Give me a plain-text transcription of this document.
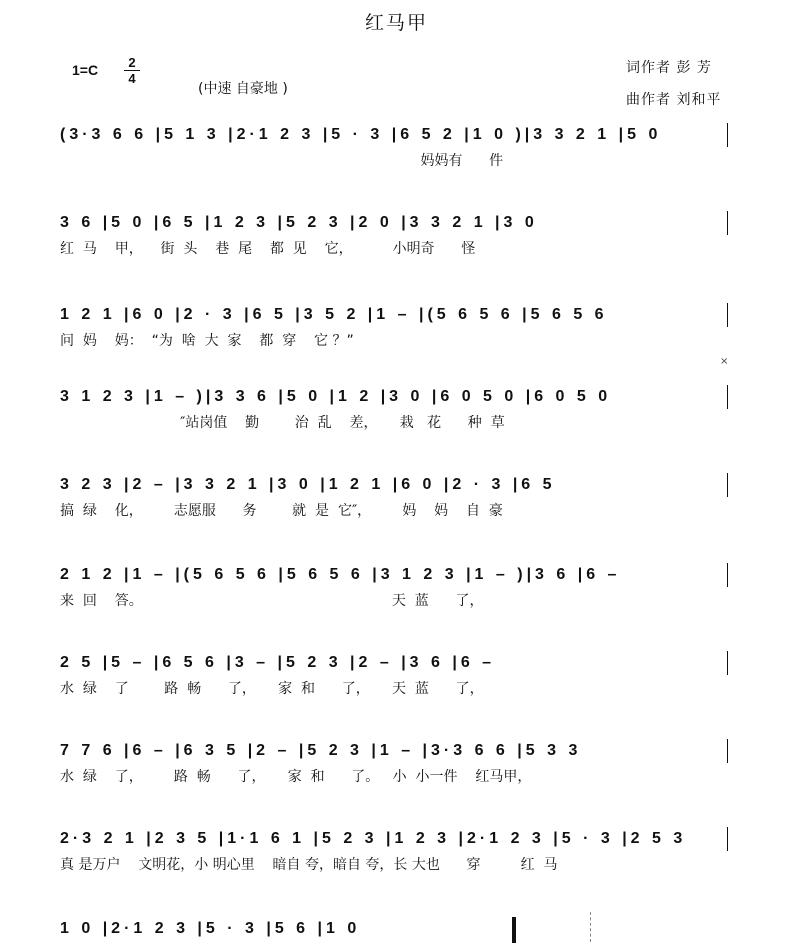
红马甲
1=C	2
4
(中速 自豪地 )
词作者 彭 芳
曲作者 刘和平
(3·3 6 6 |5 1 3 |2·1 2 3 |5 · 3 |6 5 2 |1 0 )|3 3 2 1 |5 0
妈妈有      件
3 6 |5 0 |6 5 |1 2 3 |5 2 3 |2 0 |3 3 2 1 |3 0
红  马    甲，    街  头    巷  尾    都  见    它，         小明奇      怪
1 2 1 |6 0 |2 · 3 |6 5 |3 5 2 |1 – |(5 6 5 6 |5 6 5 6
问  妈    妈：  “为  啥  大  家    都  穿    它 ？”
3 1 2 3 |1 – )|3 3 6 |5 0 |1 2 |3 0 |6 0 5 0 |6 0 5 0
″站岗值    勤        治  乱    差，     栽   花      种  草
3 2 3 |2 – |3 3 2 1 |3 0 |1 2 1 |6 0 |2 · 3 |6 5
搞  绿    化，       志愿服      务        就  是  它″，       妈    妈    自  豪
2 1 2 |1 – |(5 6 5 6 |5 6 5 6 |3 1 2 3 |1 – )|3 6 |6 –
来  回    答。                                                        天  蓝      了，
2 5 |5 – |6 5 6 |3 – |5 2 3 |2 – |3 6 |6 –
水  绿    了        路  畅      了，     家  和      了，     天  蓝      了，
7 7 6 |6 – |6 3 5 |2 – |5 2 3 |1 – |3·3 6 6 |5 3 3
水  绿    了，       路  畅      了，     家  和      了。   小  小一件    红马甲，
2·3 2 1 |2 3 5 |1·1 6 1 |5 2 3 |1 2 3 |2·1 2 3 |5 · 3 |2 5 3
真 是万户    文明花，小 明心里    暗自 夸，暗自 夸，长 大也      穿         红  马
1 0 |2·1 2 3 |5 · 3 |5 6 |1 0
×
